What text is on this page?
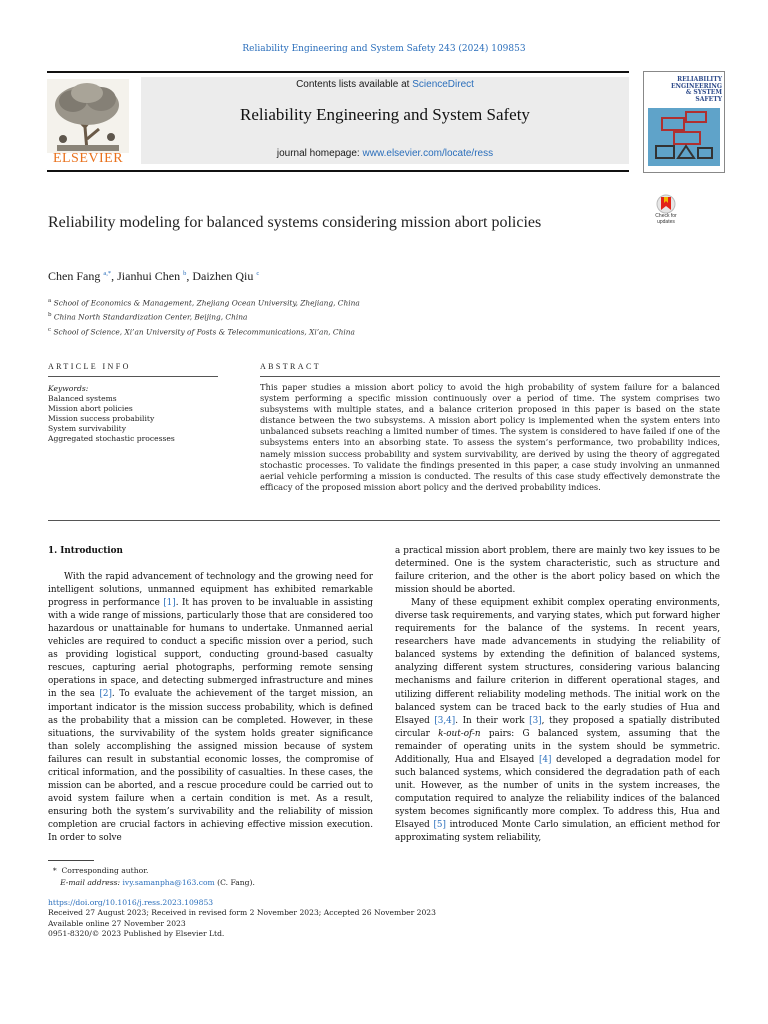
Reliability Engineering and System Safety 243 (2024) 109853
ELSEVIER
Contents lists available at ScienceDirect
Reliability Engineering and System Safety
journal homepage: www.elsevier.com/locate/ress
RELIABILITY
ENGINEERING
& SYSTEM
SAFETY
Reliability modeling for balanced systems considering mission abort policies	Check for
updates
Chen Fang $^{a,*}$, Jianhui Chen $^b$, Daizhen Qiu $^c$
$^a$ School of Economics & Management, Zhejiang Ocean University, Zhejiang, China
$^b$ China North Standardization Center, Beijing, China
$^c$ School of Science, Xi’an University of Posts & Telecommunications, Xi’an, China
ARTICLE INFO	ABSTRACT
Keywords:
Balanced systems
Mission abort policies
Mission success probability
System survivability
Aggregated stochastic processes
This paper studies a mission abort policy to avoid the high probability of system failure for a balanced system performing a specific mission continuously over a period of time. The system comprises two subsystems with multiple states, and a balance criterion proposed in this paper is based on the state distance between the two subsystems. A mission abort policy is implemented when the system enters into unbalanced subsets reaching a limited number of times. The system is considered to have failed if one of the subsystems enters into an absorbing state. To assess the system’s performance, two probability indices, namely mission success probability and system survivability, are derived by using the theory of aggregated stochastic processes. To validate the findings presented in this paper, a case study involving an unmanned aerial vehicle performing a mission is conducted. The results of this case study effectively demonstrate the efficacy of the proposed mission abort policy and the derived probability indices.
1. Introduction

With the rapid advancement of technology and the growing need for intelligent solutions, unmanned equipment has exhibited remarkable progress in performance [1]. It has proven to be invaluable in assisting with a wide range of missions, particularly those that are considered too hazardous or unattainable for humans to undertake. Unmanned aerial vehicles are required to conduct a specific mission over a period, such as providing logistical support, conducting ground-based casualty rescues, capturing aerial photographs, performing remote sensing operations in space, and detecting submerged infrastructure and mines in the sea [2]. To evaluate the achievement of the target mission, an important indicator is the mission success probability, which is defined as the probability that a mission can be completed. However, in these situations, the survivability of the system holds greater significance than solely accomplishing the assigned mission because of system failures can result in substantial economic losses, the compromise of critical information, and the possibility of casualties. In these cases, the mission can be aborted, and a rescue procedure could be carried out to avoid system failure when a certain condition is met. As a result, ensuring both the system’s survivability and the reliability of mission completion are crucial factors in achieving effective mission execution. In order to solve

a practical mission abort problem, there are mainly two key issues to be determined. One is the system characteristic, such as structure and failure criterion, and the other is the abort policy based on which the mission should be aborted.

Many of these equipment exhibit complex operating environments, diverse task requirements, and varying states, which put forward higher requirements for the balance of the systems. In recent years, researchers have made advancements in studying the reliability of balanced systems by extending the definition of balanced systems, analyzing different system structures, considering various balancing mechanisms and failure criterion in different operational stages, and utilizing different reliability modeling methods. The initial work on the balanced system can be traced back to the early studies of Hua and Elsayed [3,4]. In their work [3], they proposed a spatially distributed circular k-out-of-n pairs: G balanced system, assuming that the remainder of operating units in the system should be symmetric. Additionally, Hua and Elsayed [4] developed a degradation model for such balanced systems, which considered the degradation path of each unit. However, as the number of units in the system increases, the computation required to analyze the reliability indices of the balanced system becomes significantly more complex. To address this, Hua and Elsayed [5] introduced Monte Carlo simulation, an efficient method for approximating system reliability,

* Corresponding author.
E-mail address: ivy.samanpha@163.com (C. Fang).
https://doi.org/10.1016/j.ress.2023.109853
Received 27 August 2023; Received in revised form 2 November 2023; Accepted 26 November 2023
Available online 27 November 2023
0951-8320/© 2023 Published by Elsevier Ltd.
